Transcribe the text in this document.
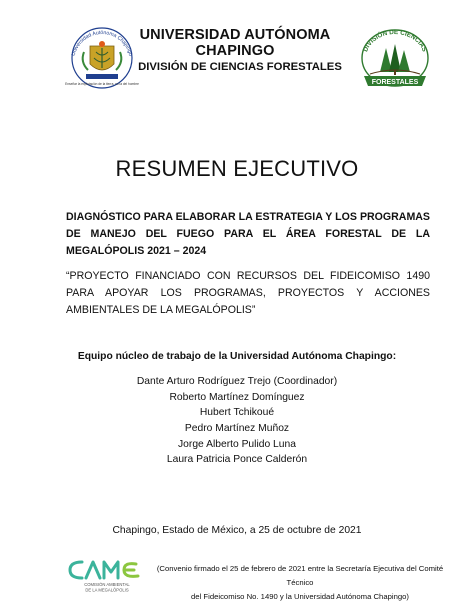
Universidad Autónoma Chapingo
Enseñar la explotación de la tierra, no la del hombre
UNIVERSIDAD AUTÓNOMA CHAPINGO
DIVISIÓN DE CIENCIAS FORESTALES
DIVISIÓN DE CIENCIAS
FORESTALES
RESUMEN EJECUTIVO
DIAGNÓSTICO PARA ELABORAR LA ESTRATEGIA Y LOS PROGRAMAS DE MANEJO DEL FUEGO PARA EL ÁREA FORESTAL DE LA MEGALÓPOLIS 2021 – 2024
“PROYECTO FINANCIADO CON RECURSOS DEL FIDEICOMISO 1490 PARA APOYAR LOS PROGRAMAS, PROYECTOS Y ACCIONES AMBIENTALES DE LA MEGALÓPOLIS”
Equipo núcleo de trabajo de la Universidad Autónoma Chapingo:
Dante Arturo Rodríguez Trejo (Coordinador)
Roberto Martínez Domínguez
Hubert Tchikoué
Pedro Martínez Muñoz
Jorge Alberto Pulido Luna
Laura Patricia Ponce Calderón
Chapingo, Estado de México, a 25 de octubre de 2021
COMISIÓN AMBIENTAL
DE LA MEGALÓPOLIS
(Convenio firmado el 25 de febrero de 2021 entre la Secretaría Ejecutiva del Comité Técnico
del Fideicomiso No. 1490 y la Universidad Autónoma Chapingo)
